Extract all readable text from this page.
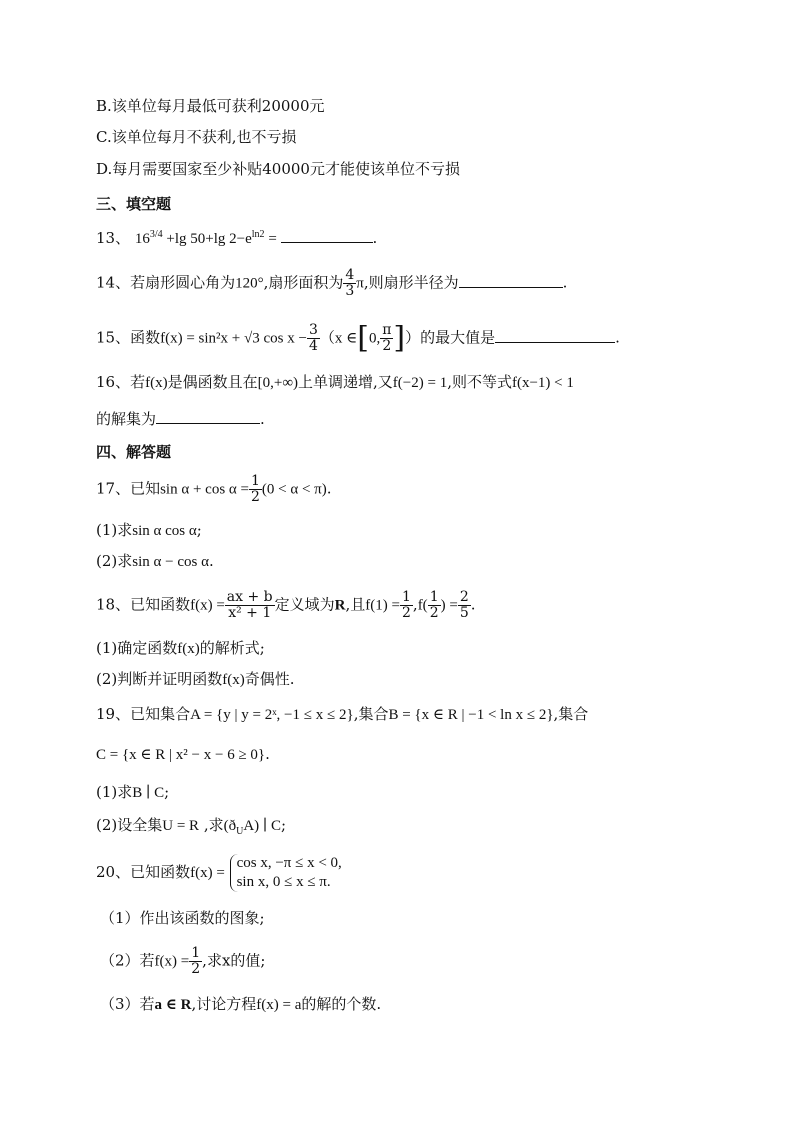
B.该单位每月最低可获利20000元
C.该单位每月不获利,也不亏损
D.每月需要国家至少补贴40000元才能使该单位不亏损
三、填空题
13、 $16^{3/4} +\lg$ 50+lg $2-e^{ln2}$ =	.
14、若扇形圆心角为120°,扇形面积为 $\frac{4}{3} \pi$,则扇形半径为	.
15、函数f(x) = sin²x + √3 $\cos x - \frac{3}{4} (x$ ∈[0, $\frac{\pi}{2}$ ]）的最大值是	.
16、若f(x)是偶函数且在[0,+∞)上单调递增,又f(−2) = 1,则不等式f(x−1) < 1
的解集为	.
四、解答题
17、已知$\sin \alpha + \cos \alpha = \frac{1}{2} (0 < \alpha < \pi)$.
(1)求sin α cos α;
(2)求sin α − cos α.
18、已知函数$f(x) = \frac{ax + b}{\text{x² + 1}}$ 定义域为R,且$f(1) = \frac{1}{2} ,f( \frac{1}{2}$ ) = $\frac{2}{5}$ .
(1)确定函数f(x)的解析式;
(2)判断并证明函数f(x)奇偶性.
19、已知集合A = {y | y = 2ˣ, −1 ≤ x ≤ 2},集合B = {x ∈ R | −1 < ln x ≤ 2},集合
C = {x ∈ R | x² − x − 6 ≥ 0}.
(1)求B ∣ C;
(2)设全集U = R ,求$(ð_UA)$ ∣ C;
20、已知函数f(x) =
cos x, −π ≤ x < 0,
sin x, 0 ≤ x ≤ π.
（1）作出该函数的图象;
（2）若$f(x) = \frac{1}{2}$ ,求x的值;
（3）若a ∈ R,讨论方程f(x) = a的解的个数.
